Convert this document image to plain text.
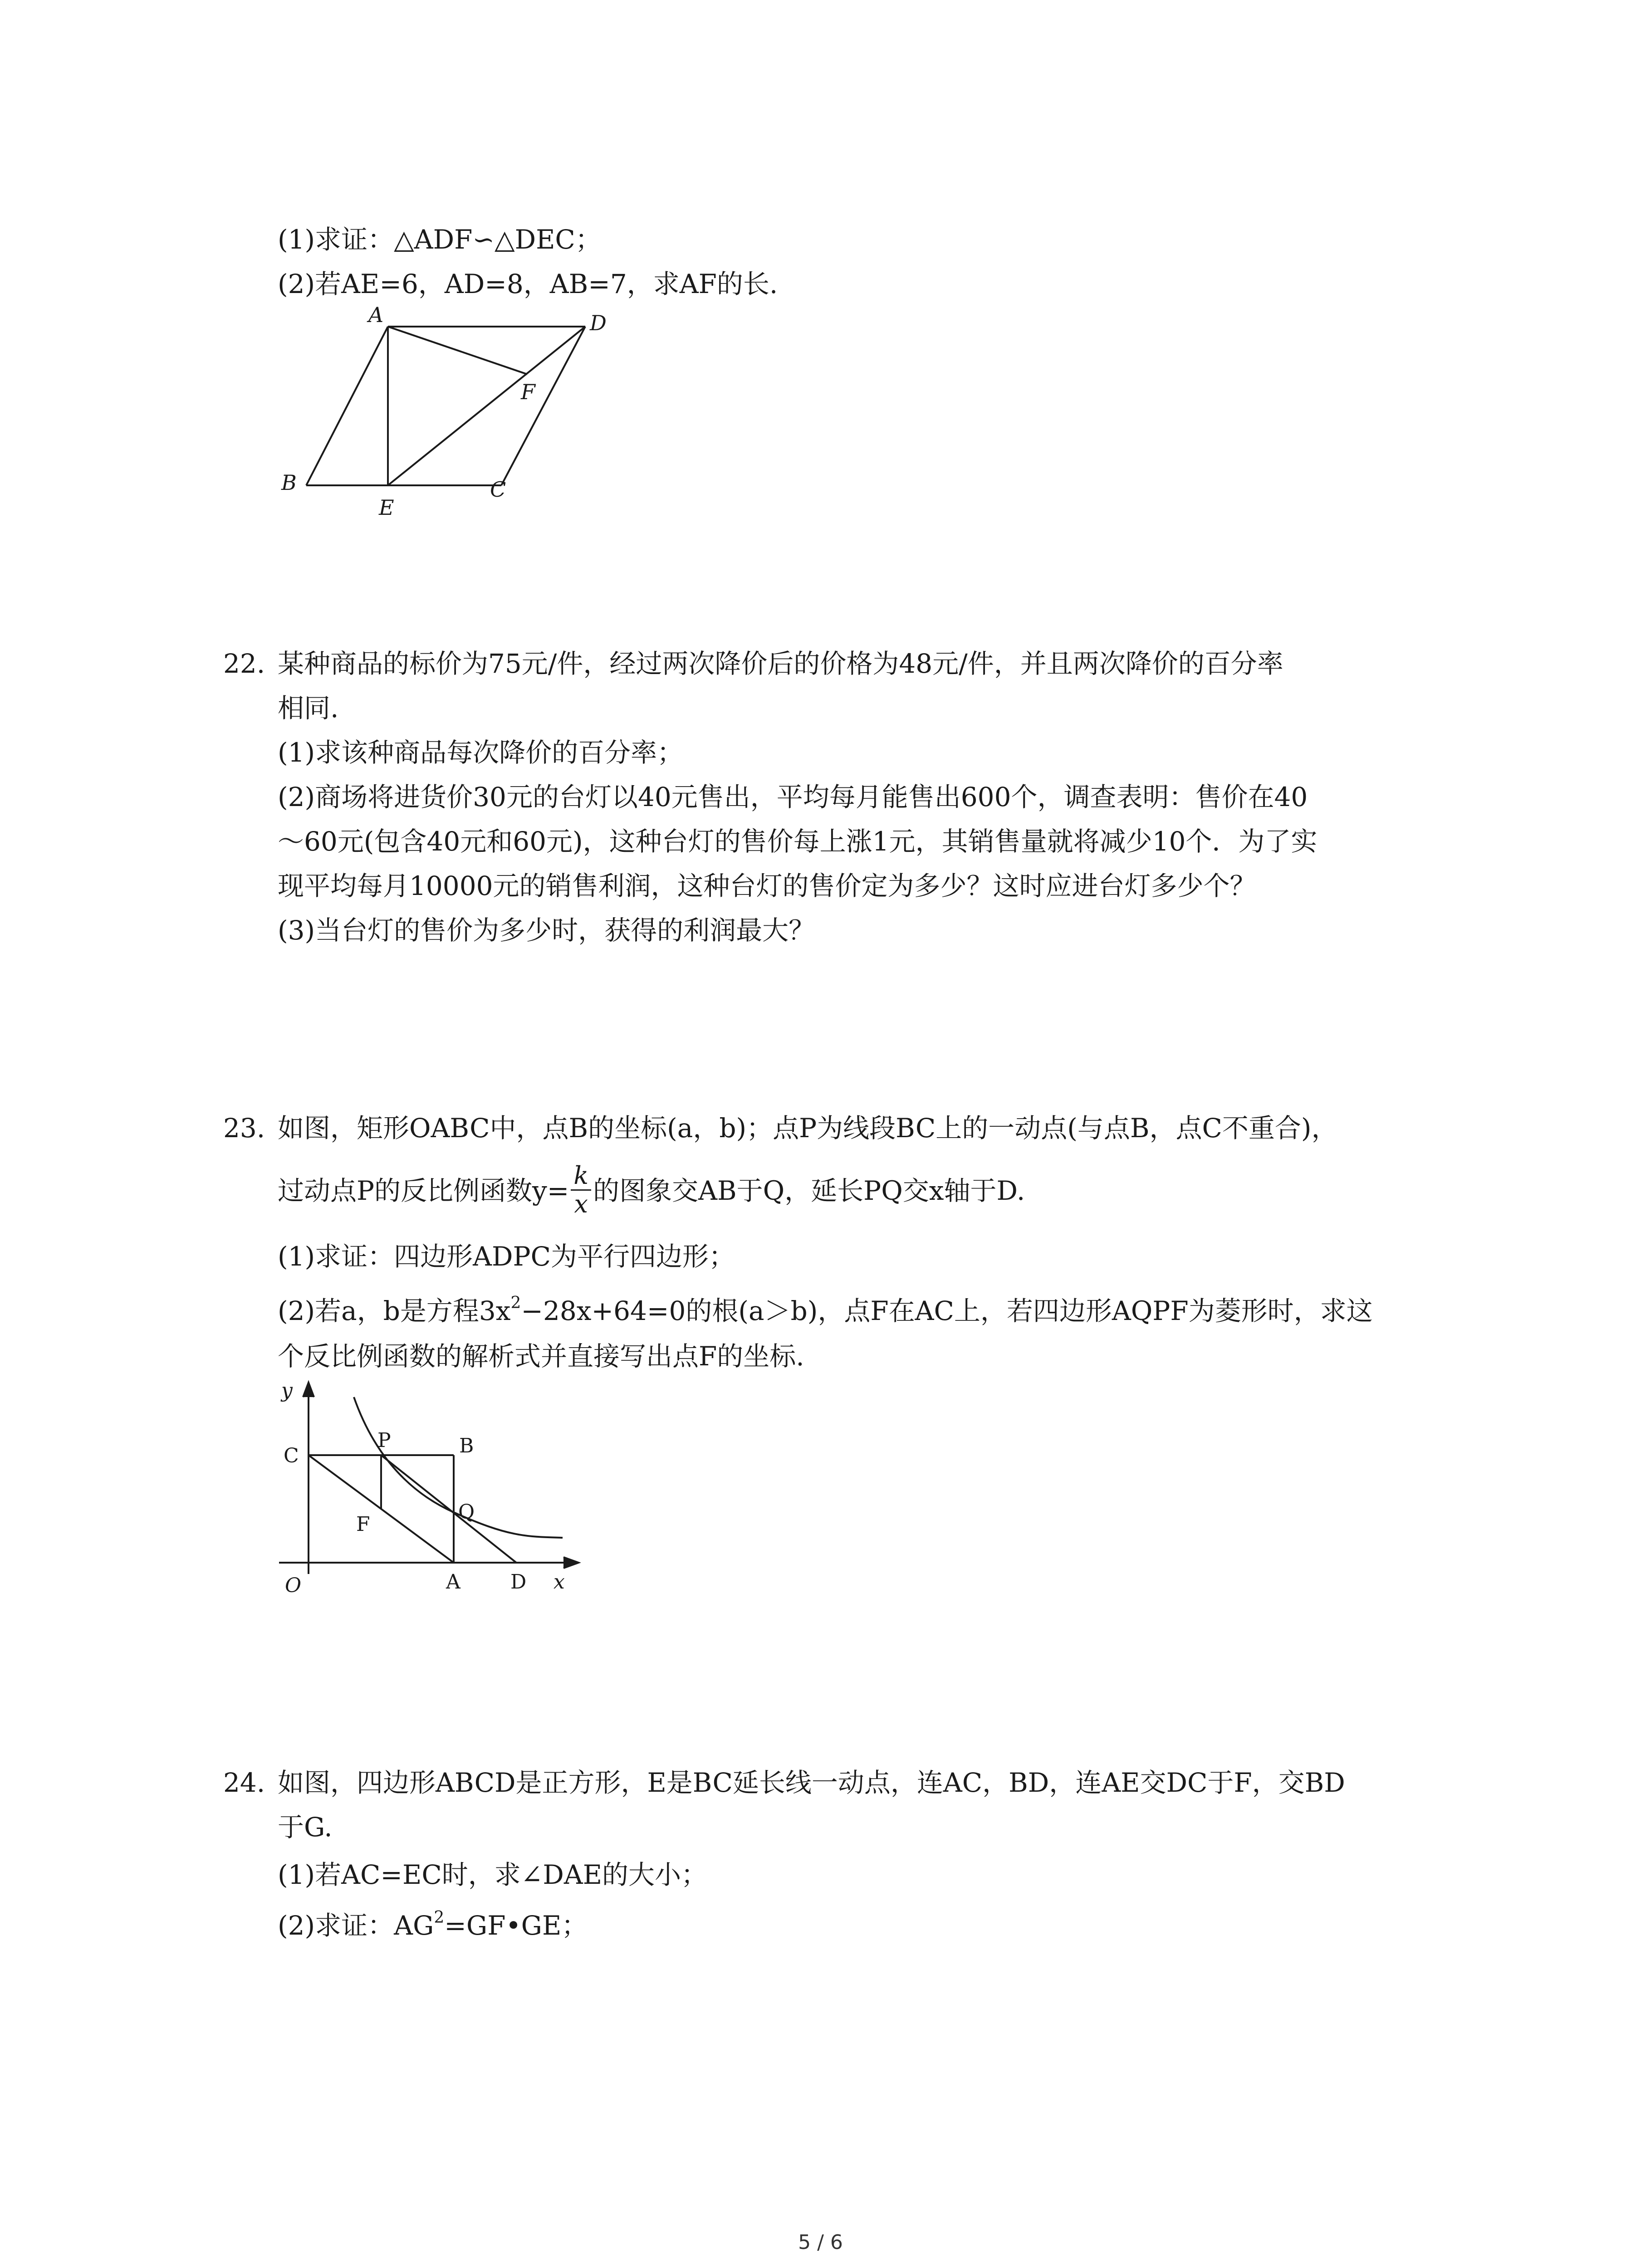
(1)求证：△ADF∽△DEC；
(2)若AE=6，AD=8，AB=7，求AF的长.
A	D
F
B
E
C
22. 某种商品的标价为75元/件，经过两次降价后的价格为48元/件，并且两次降价的百分率
相同.
(1)求该种商品每次降价的百分率；
(2)商场将进货价30元的台灯以40元售出，平均每月能售出600个，调查表明：售价在40
～60元(包含40元和60元)，这种台灯的售价每上涨1元，其销售量就将减少10个．为了实
现平均每月10000元的销售利润，这种台灯的售价定为多少？这时应进台灯多少个？
(3)当台灯的售价为多少时，获得的利润最大？
23. 如图，矩形OABC中，点B的坐标(a，b)；点P为线段BC上的一动点(与点B，点C不重合)，
过动点P的反比例函数$y= \frac{k}{x}$ 的图象交AB于Q，延长PQ交x轴于D.
(1)求证：四边形ADPC为平行四边形；
(2)若a，b是方程$3x^2-28x+64=0$的根(a＞b)，点F在AC上，若四边形AQPF为菱形时，求这
个反比例函数的解析式并直接写出点F的坐标.
y
C
P	B
Q
F
O	A	D x
24. 如图，四边形ABCD是正方形，E是BC延长线一动点，连AC，BD，连AE交DC于F，交BD
于G.
(1)若AC=EC时，求∠DAE的大小；
(2)求证：$AG^2=GF•GE$；
5 / 6
